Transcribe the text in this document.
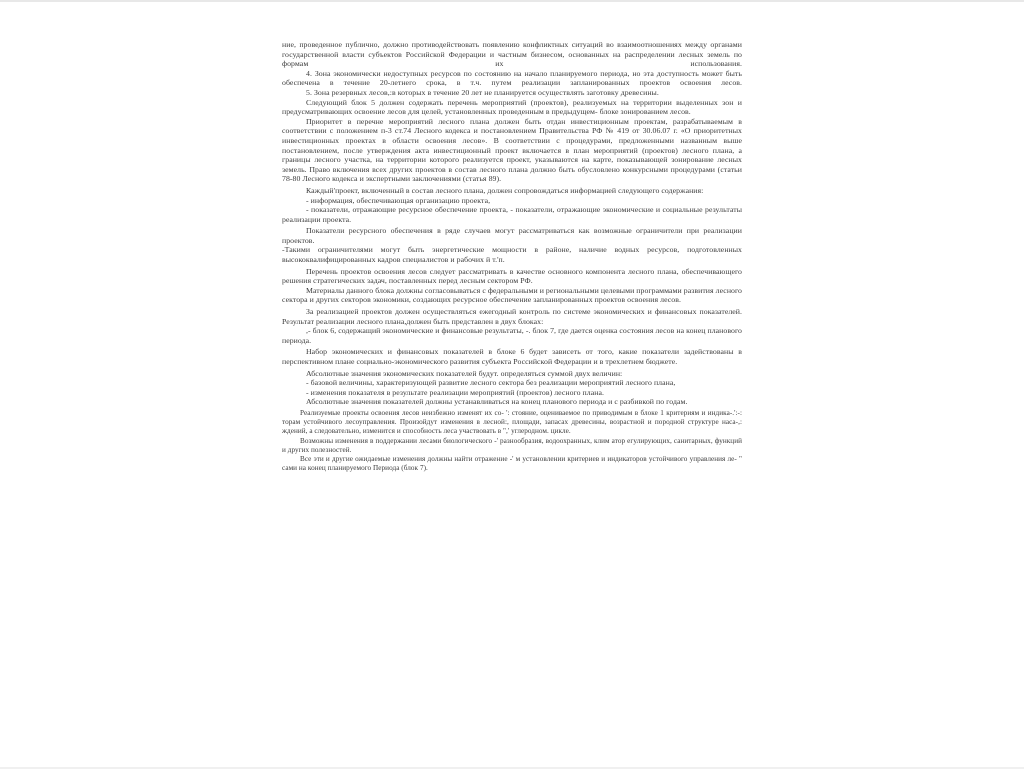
ние, проведенное публично, должно противодействовать появлению конфликтных ситуаций во взаимоотношениях между органами государственной власти субъектов Российской Федерации и частным бизнесом, основанных на распределении лесных земель по формам их использования.

4. Зона экономически недоступных ресурсов по состоянию на начало планируемого периода, но эта доступность может быть обеспечена в течение 20-летнего срока, в т.ч. путем реализации запланированных проектов освоения лесов.

5. Зона резервных лесов,:в которых в течение 20 лет не планируется осуществлять заготовку древесины.

Следующий блок 5 должен содержать перечень мероприятий (проектов), реализуемых на территории выделенных зон и предусматривающих освоение лесов для целей, установленных проведенным в предыдущем- блоке зонированием лесов.

Приоритет в перечне мероприятий лесного плана должен быть отдан инвестиционным проектам, разрабатываемым в соответствии с положением п-3 ст.74 Лесного кодекса и постановлением Правительства РФ № 419 от 30.06.07 г. «О приоритетных инвестиционных проектах в области освоения лесов». В соответствии с процедурами, предложенными названным выше постановлением, после утверждения акта инвестиционный проект включается в план мероприятий (проектов) лесного плана, а границы лесного участка, на территории которого реализуется проект, указываются на карте, показывающей зонирование лесных земель. Право включения всех других проектов в состав лесного плана должно быть обусловлено конкурсными процедурами (статьи 78-80 Лесного кодекса и экспертными заключениями (статья 89).

Каждый'проект, включенный в состав лесного плана, должен сопровождаться информацией следующего содержания:

- информация, обеспечивающая организацию проекта,

- показатели, отражающие ресурсное обеспечение проекта, - показатели, отражающие экономические и социальные результаты реализации проекта.

Показатели ресурсного обеспечения в ряде случаев могут рассматриваться как возможные ограничители при реализации проектов.

-Такими ограничителями могут быть энергетические мощности в районе, наличие водных ресурсов, подготовленных высококвалифицированных кадров специалистов и рабочих й т.'п.

Перечень проектов освоения лесов следует рассматривать в качестве основного компонента лесного плана, обеспечивающего решения стратегических задач, поставленных перед лесным сектором РФ.

Материалы данного блока должны согласовываться с федеральными и региональными целевыми программами развития лесного сектора и других секторов экономики, создающих ресурсное обеспечение запланированных проектов освоения лесов.

За реализацией проектов должен осуществляться ежегодный контроль по системе экономических и финансовых показателей. Результат реализации лесного плана,должен быть представлен в двух блоках:

,- блок 6, содержащий экономические и финансовые результаты, -. блок 7, где дается оценка состояния лесов на конец планового периода.

Набор экономических и финансовых показателей в блоке 6 будет зависеть от того, какие показатели задействованы в перспективном плане социально-экономического развития субъекта Российской Федерации и в трехлетнем бюджете.

Абсолютные значения экономических показателей будут. определяться суммой двух величин:

- базовой величины, характеризующей развитие лесного сектора без реализации мероприятий лесного плана,

- изменения показателя в результате реализации мероприятий (проектов) лесного плана.

Абсолютные значения показателей должны устанавливаться на конец планового периода и с разбивкой по годам.

Реализуемые проекты освоения лесов неизбежно изменят их со- ': стояние, оцениваемое по приводимым в блоке 1 критериям и индика-.':-: торам устойчивого лесоуправления. Произойдут изменения в лесной:, площади, запасах древесины, возрастной и породной структуре наса-,: ждений, а следовательно, изменится и способность леса участвовать в ",' углеродном. цикле.

Возможны изменения в поддержании лесами биологического -' разнообразия, водоохранных, клим атор егулирующих, санитарных, функций и других полезностей.

Все эти и другие ожидаемые изменения должны найти отражение -' м установлении критериев и индикаторов устойчивого управления ле- " сами на конец планируемого Периода (блок 7).
